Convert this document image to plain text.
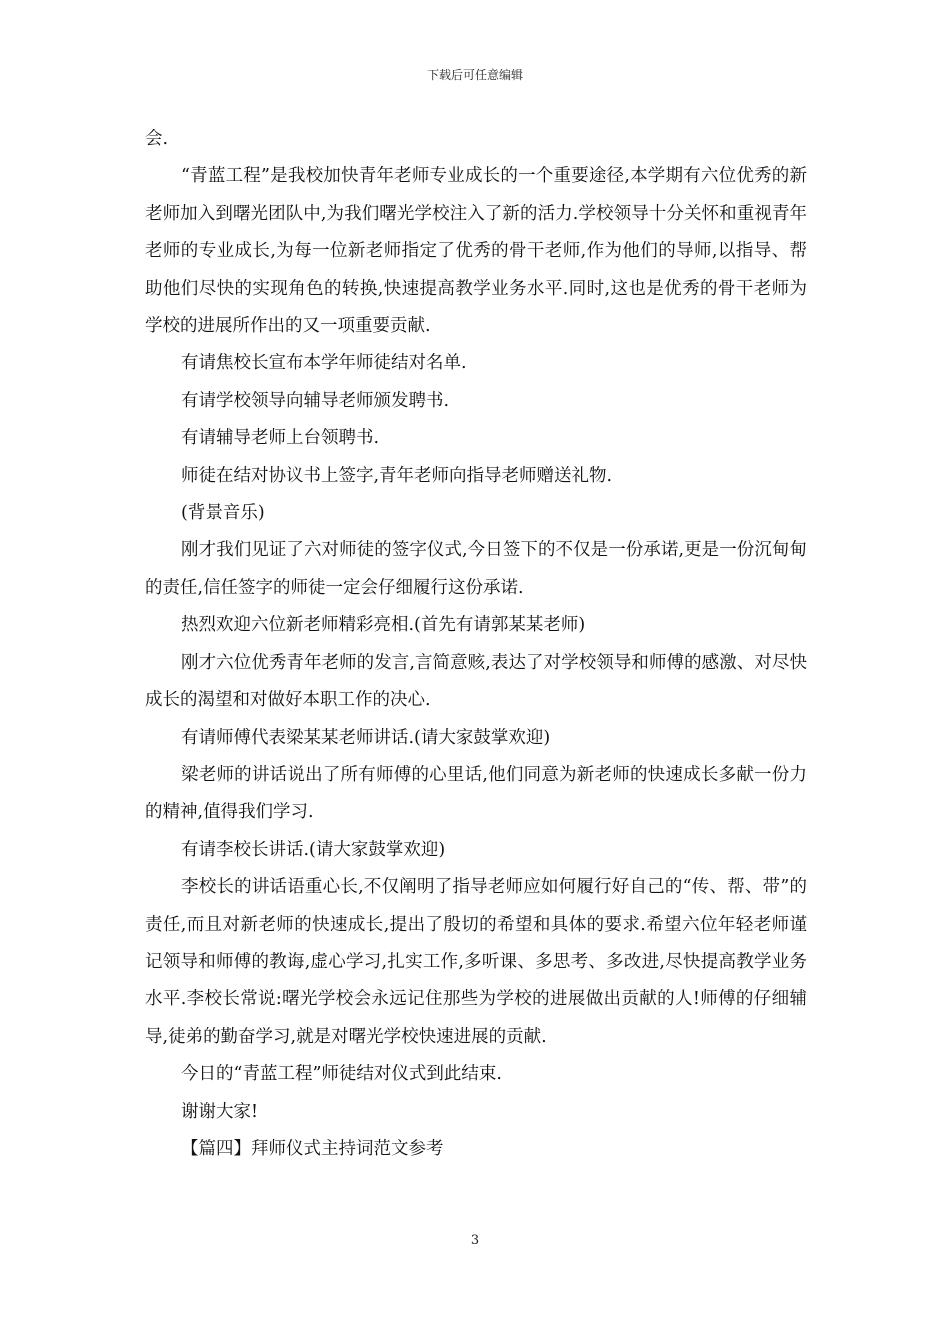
下载后可任意编辑

会.

“青蓝工程”是我校加快青年老师专业成长的一个重要途径,本学期有六位优秀的新老师加入到曙光团队中,为我们曙光学校注入了新的活力.学校领导十分关怀和重视青年老师的专业成长,为每一位新老师指定了优秀的骨干老师,作为他们的导师,以指导、帮助他们尽快的实现角色的转换,快速提高教学业务水平.同时,这也是优秀的骨干老师为学校的进展所作出的又一项重要贡献.

有请焦校长宣布本学年师徒结对名单.

有请学校领导向辅导老师颁发聘书.

有请辅导老师上台领聘书.

师徒在结对协议书上签字,青年老师向指导老师赠送礼物.

(背景音乐)

刚才我们见证了六对师徒的签字仪式,今日签下的不仅是一份承诺,更是一份沉甸甸的责任,信任签字的师徒一定会仔细履行这份承诺.

热烈欢迎六位新老师精彩亮相.(首先有请郭某某老师)

刚才六位优秀青年老师的发言,言简意赅,表达了对学校领导和师傅的感激、对尽快成长的渴望和对做好本职工作的决心.

有请师傅代表梁某某老师讲话.(请大家鼓掌欢迎)

梁老师的讲话说出了所有师傅的心里话,他们同意为新老师的快速成长多献一份力的精神,值得我们学习.

有请李校长讲话.(请大家鼓掌欢迎)

李校长的讲话语重心长,不仅阐明了指导老师应如何履行好自己的“传、帮、带”的责任,而且对新老师的快速成长,提出了殷切的希望和具体的要求.希望六位年轻老师谨记领导和师傅的教诲,虚心学习,扎实工作,多听课、多思考、多改进,尽快提高教学业务水平.李校长常说:曙光学校会永远记住那些为学校的进展做出贡献的人!师傅的仔细辅导,徒弟的勤奋学习,就是对曙光学校快速进展的贡献.

今日的“青蓝工程”师徒结对仪式到此结束.

谢谢大家!

【篇四】拜师仪式主持词范文参考

3
